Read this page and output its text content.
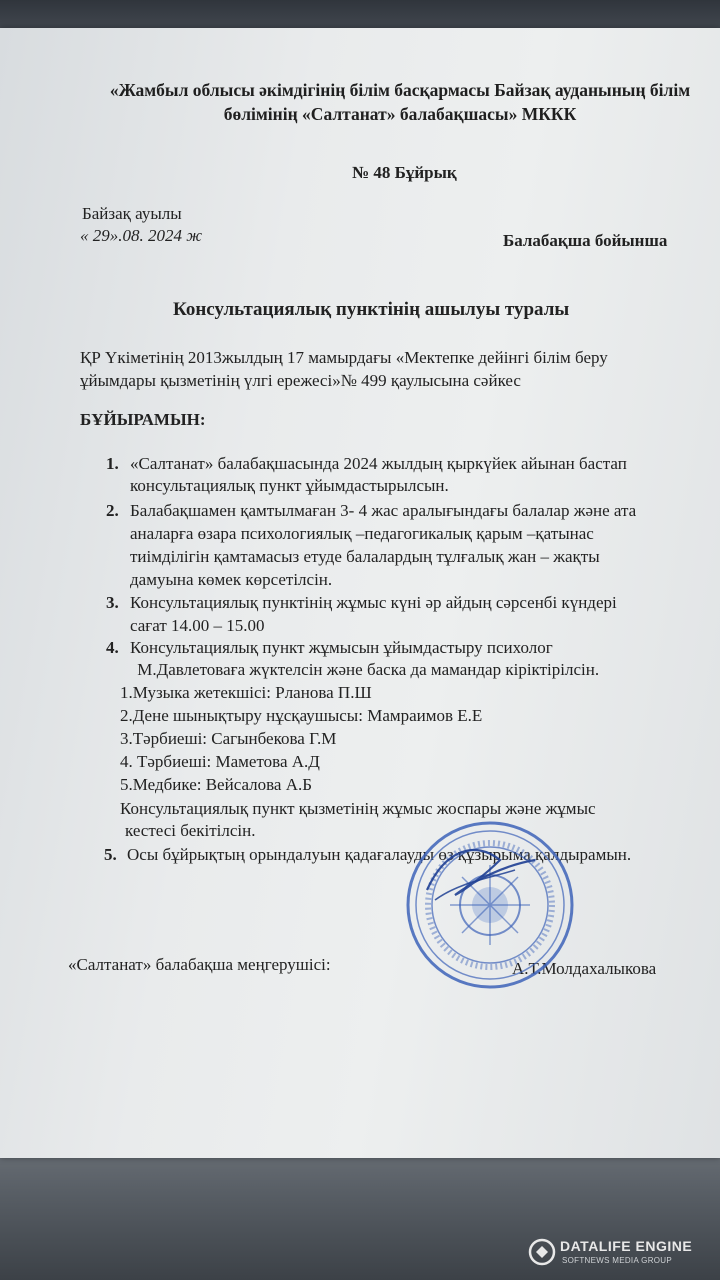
«Жамбыл облысы әкімдігінің білім басқармасы Байзақ ауданының білім
бөлімінің «Салтанат» балабақшасы» МККК
№ 48 Бұйрық
Байзақ ауылы
« 29».08. 2024 ж	Балабақша бойынша
Консультациялық пунктінің ашылуы туралы
ҚР Үкіметінің 2013жылдың 17 мамырдағы «Мектепке дейінгі білім беру
ұйымдары қызметінің үлгі ережесі»№ 499 қаулысына сәйкес
БҰЙЫРАМЫН:
1. «Салтанат» балабақшасында 2024 жылдың қыркүйек айынан бастап
консультациялық пункт ұйымдастырылсын.
2. Балабақшамен қамтылмаған 3- 4 жас аралығындағы балалар және ата
аналарға өзара психологиялық –педагогикалық қарым –қатынас
тиімділігін қамтамасыз етуде балалардың тұлғалық жан – жақты
дамуына көмек көрсетілсін.
3. Консультациялық пунктінің жұмыс күні әр айдың сәрсенбі күндері
сағат 14.00 – 15.00
4. Консультациялық пункт жұмысын ұйымдастыру психолог
М.Давлетоваға жүктелсін және баска да мамандар кірiктiрiлсiн.
1.Музыка жетекшісі: Рланова П.Ш
2.Дене шынықтыру нұсқаушысы: Мамраимов Е.Е
3.Тәрбиеші: Сагынбекова Г.М
4. Тәрбиеші: Маметова А.Д
5.Медбике: Вейсалова А.Б
Консультациялық пункт қызметінің жұмыс жоспары және жұмыс
кестесі бекітілсін.
5. Осы бұйрықтың орындалуын қадағалауды өз құзырыма қалдырамын.
«Салтанат» балабақша меңгерушісі:	А.Т.Молдахалыкова
DATALIFE ENGINE
SOFTNEWS MEDIA GROUP
